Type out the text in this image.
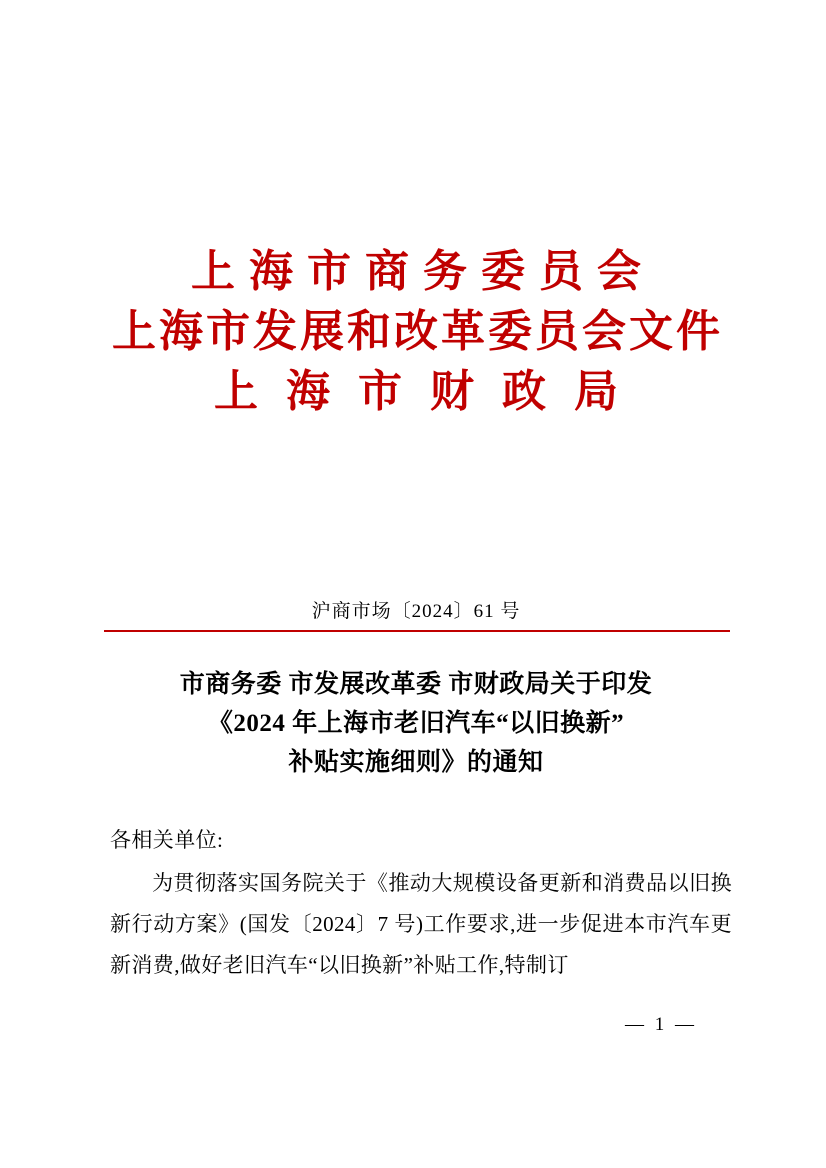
上海市商务委员会
上海市发展和改革委员会文件
上海市财政局
沪商市场〔2024〕61 号
市商务委 市发展改革委 市财政局关于印发
《2024 年上海市老旧汽车“以旧换新”
补贴实施细则》的通知
各相关单位:
为贯彻落实国务院关于《推动大规模设备更新和消费品以旧换新行动方案》(国发〔2024〕7 号)工作要求,进一步促进本市汽车更新消费,做好老旧汽车“以旧换新”补贴工作,特制订
— 1 —
